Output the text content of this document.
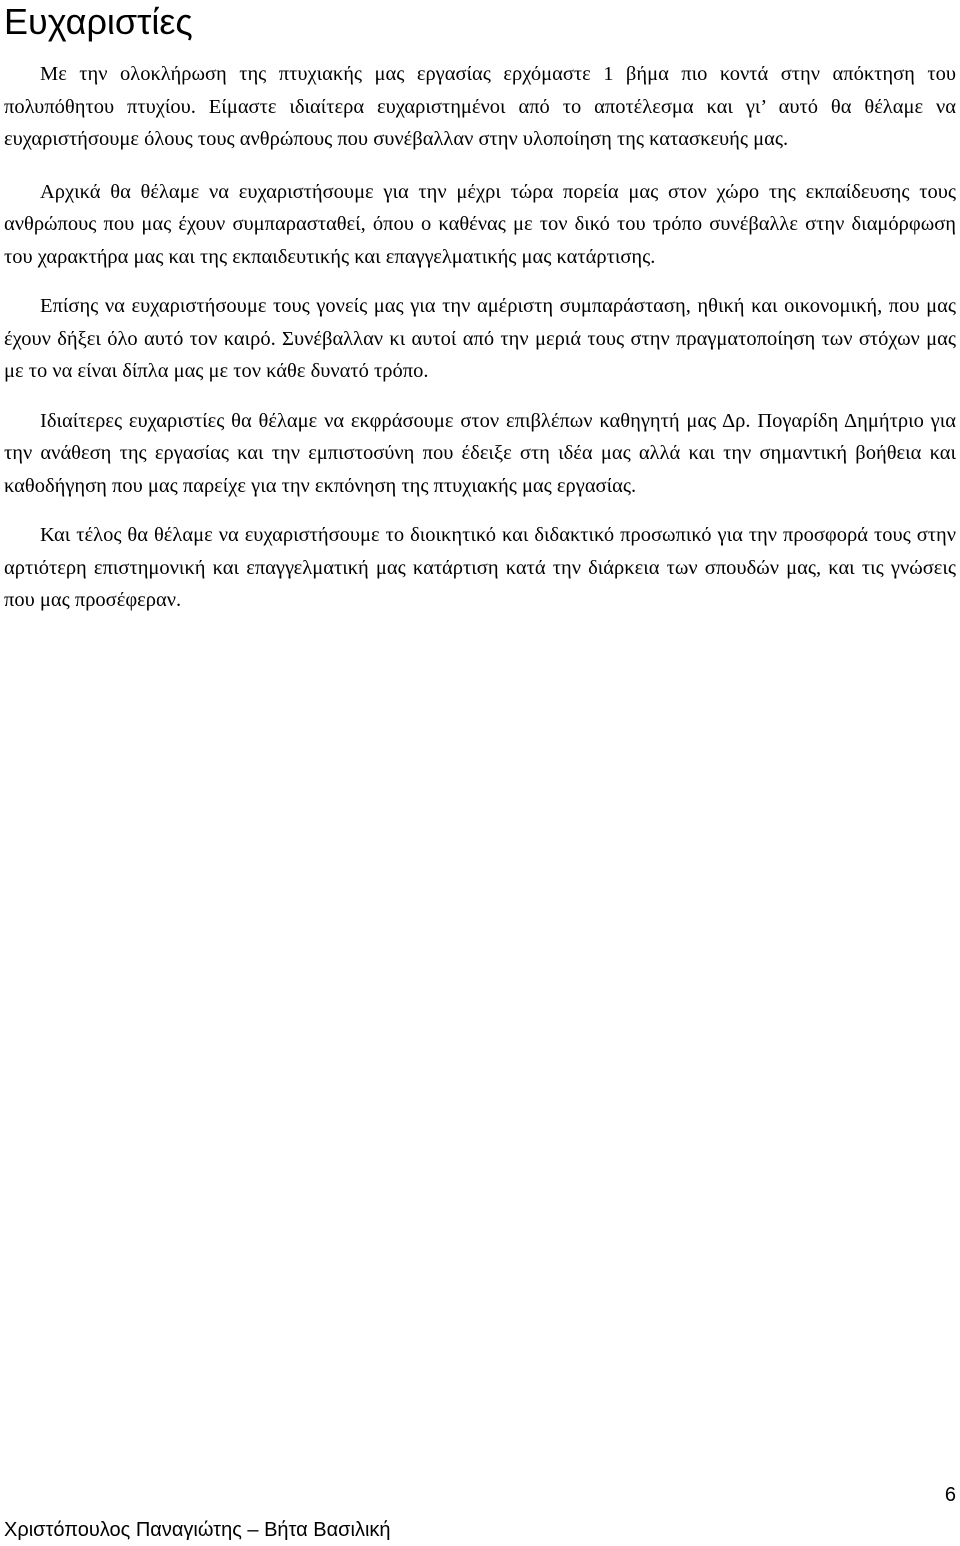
Ευχαριστίες

Με την ολοκλήρωση της πτυχιακής μας εργασίας ερχόμαστε 1 βήμα πιο κοντά στην απόκτηση του πολυπόθητου πτυχίου. Είμαστε ιδιαίτερα ευχαριστημένοι από το αποτέλεσμα και γι’ αυτό θα θέλαμε να ευχαριστήσουμε όλους τους ανθρώπους που συνέβαλλαν στην υλοποίηση της κατασκευής μας.

Αρχικά θα θέλαμε να ευχαριστήσουμε για την μέχρι τώρα πορεία μας στον χώρο της εκπαίδευσης τους ανθρώπους που μας έχουν συμπαρασταθεί, όπου ο καθένας με τον δικό του τρόπο συνέβαλλε στην διαμόρφωση του χαρακτήρα μας και της εκπαιδευτικής και επαγγελματικής μας κατάρτισης.

Επίσης να ευχαριστήσουμε τους γονείς μας για την αμέριστη συμπαράσταση, ηθική και οικονομική, που μας έχουν δήξει όλο αυτό τον καιρό. Συνέβαλλαν κι αυτοί από την μεριά τους στην πραγματοποίηση των στόχων μας με το να είναι δίπλα μας με τον κάθε δυνατό τρόπο.

Ιδιαίτερες ευχαριστίες θα θέλαμε να εκφράσουμε στον επιβλέπων καθηγητή μας Δρ. Πογαρίδη Δημήτριο για την ανάθεση της εργασίας και την εμπιστοσύνη που έδειξε στη ιδέα μας αλλά και την σημαντική βοήθεια και καθοδήγηση που μας παρείχε για την εκπόνηση της πτυχιακής μας εργασίας.

Και τέλος θα θέλαμε να ευχαριστήσουμε το διοικητικό και διδακτικό προσωπικό για την προσφορά τους στην αρτιότερη επιστημονική και επαγγελματική μας κατάρτιση κατά την διάρκεια των σπουδών μας, και τις γνώσεις που μας προσέφεραν.

6
Χριστόπουλος Παναγιώτης – Βήτα Βασιλική
